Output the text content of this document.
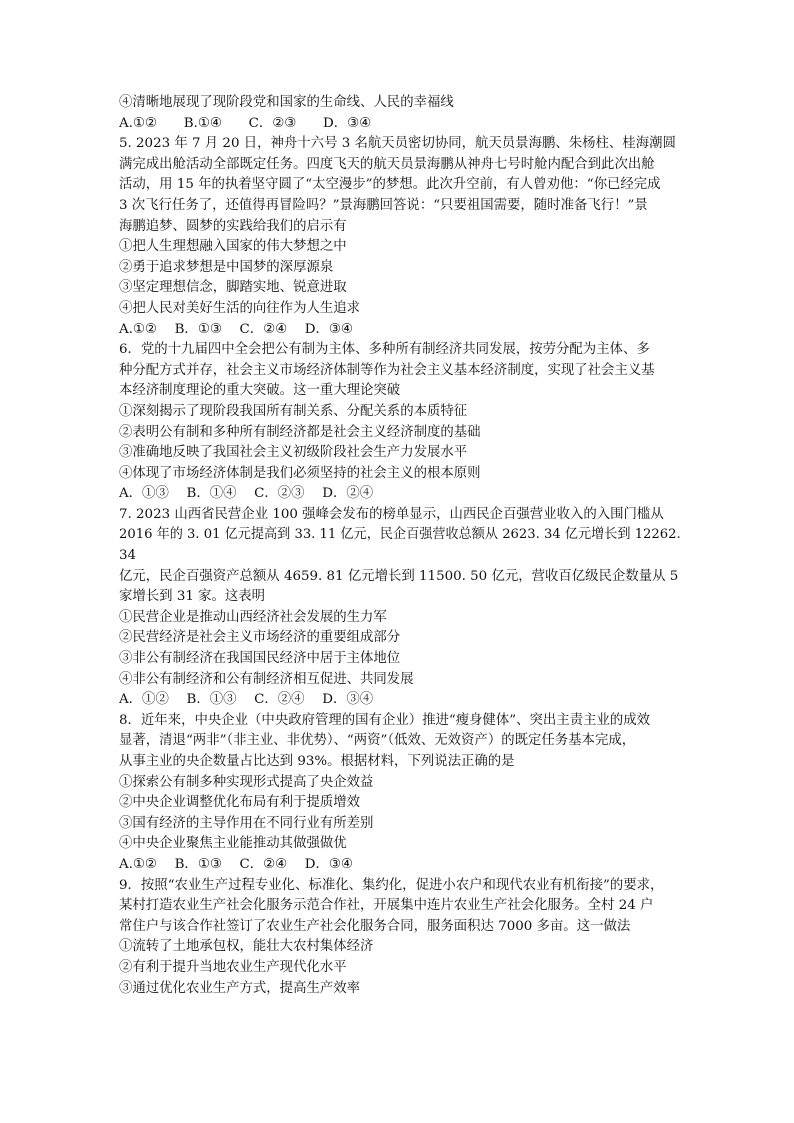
④清晰地展现了现阶段党和国家的生命线、人民的幸福线
A.①②　　B.①④　　C．②③　　D．③④
5. 2023 年 7 月 20 日，神舟十六号 3 名航天员密切协同，航天员景海鹏、朱杨柱、桂海潮圆
满完成出舱活动全部既定任务。四度飞天的航天员景海鹏从神舟七号时舱内配合到此次出舱
活动，用 15 年的执着坚守圆了“太空漫步”的梦想。此次升空前，有人曾劝他：“你已经完成
3 次飞行任务了，还值得再冒险吗？”景海鹏回答说：“只要祖国需要，随时准备飞行！”景
海鹏追梦、圆梦的实践给我们的启示有
①把人生理想融入国家的伟大梦想之中
②勇于追求梦想是中国梦的深厚源泉
③坚定理想信念，脚踏实地、锐意进取
④把人民对美好生活的向往作为人生追求
A.①②　 B．①③　 C．②④　 D．③④
6．党的十九届四中全会把公有制为主体、多种所有制经济共同发展，按劳分配为主体、多
种分配方式并存，社会主义市场经济体制等作为社会主义基本经济制度，实现了社会主义基
本经济制度理论的重大突破。这一重大理论突破
①深刻揭示了现阶段我国所有制关系、分配关系的本质特征
②表明公有制和多种所有制经济都是社会主义经济制度的基础
③准确地反映了我国社会主义初级阶段社会生产力发展水平
④体现了市场经济体制是我们必须坚持的社会主义的根本原则
A．①③　 B．①④　 C．②③　 D．②④
7. 2023 山西省民营企业 100 强峰会发布的榜单显示，山西民企百强营业收入的入围门槛从
2016 年的 3. 01 亿元提高到 33. 11 亿元，民企百强营收总额从 2623. 34 亿元增长到 12262.
34
亿元，民企百强资产总额从 4659. 81 亿元增长到 11500. 50 亿元，营收百亿级民企数量从 5
家增长到 31 家。这表明
①民营企业是推动山西经济社会发展的生力军
②民营经济是社会主义市场经济的重要组成部分
③非公有制经济在我国国民经济中居于主体地位
④非公有制经济和公有制经济相互促进、共同发展
A．①②　 B．①③　 C．②④　 D．③④
8．近年来，中央企业（中央政府管理的国有企业）推进“瘦身健体”、突出主责主业的成效
显著，清退“两非”（非主业、非优势）、“两资”（低效、无效资产）的既定任务基本完成，
从事主业的央企数量占比达到 93%。根据材料，下列说法正确的是
①探索公有制多种实现形式提高了央企效益
②中央企业调整优化布局有利于提质增效
③国有经济的主导作用在不同行业有所差别
④中央企业聚焦主业能推动其做强做优
A.①②　 B．①③　 C．②④　 D．③④
9．按照“农业生产过程专业化、标准化、集约化，促进小农户和现代农业有机衔接”的要求，
某村打造农业生产社会化服务示范合作社，开展集中连片农业生产社会化服务。全村 24 户
常住户与该合作社签订了农业生产社会化服务合同，服务面积达 7000 多亩。这一做法
①流转了土地承包权，能壮大农村集体经济
②有利于提升当地农业生产现代化水平
③通过优化农业生产方式，提高生产效率
